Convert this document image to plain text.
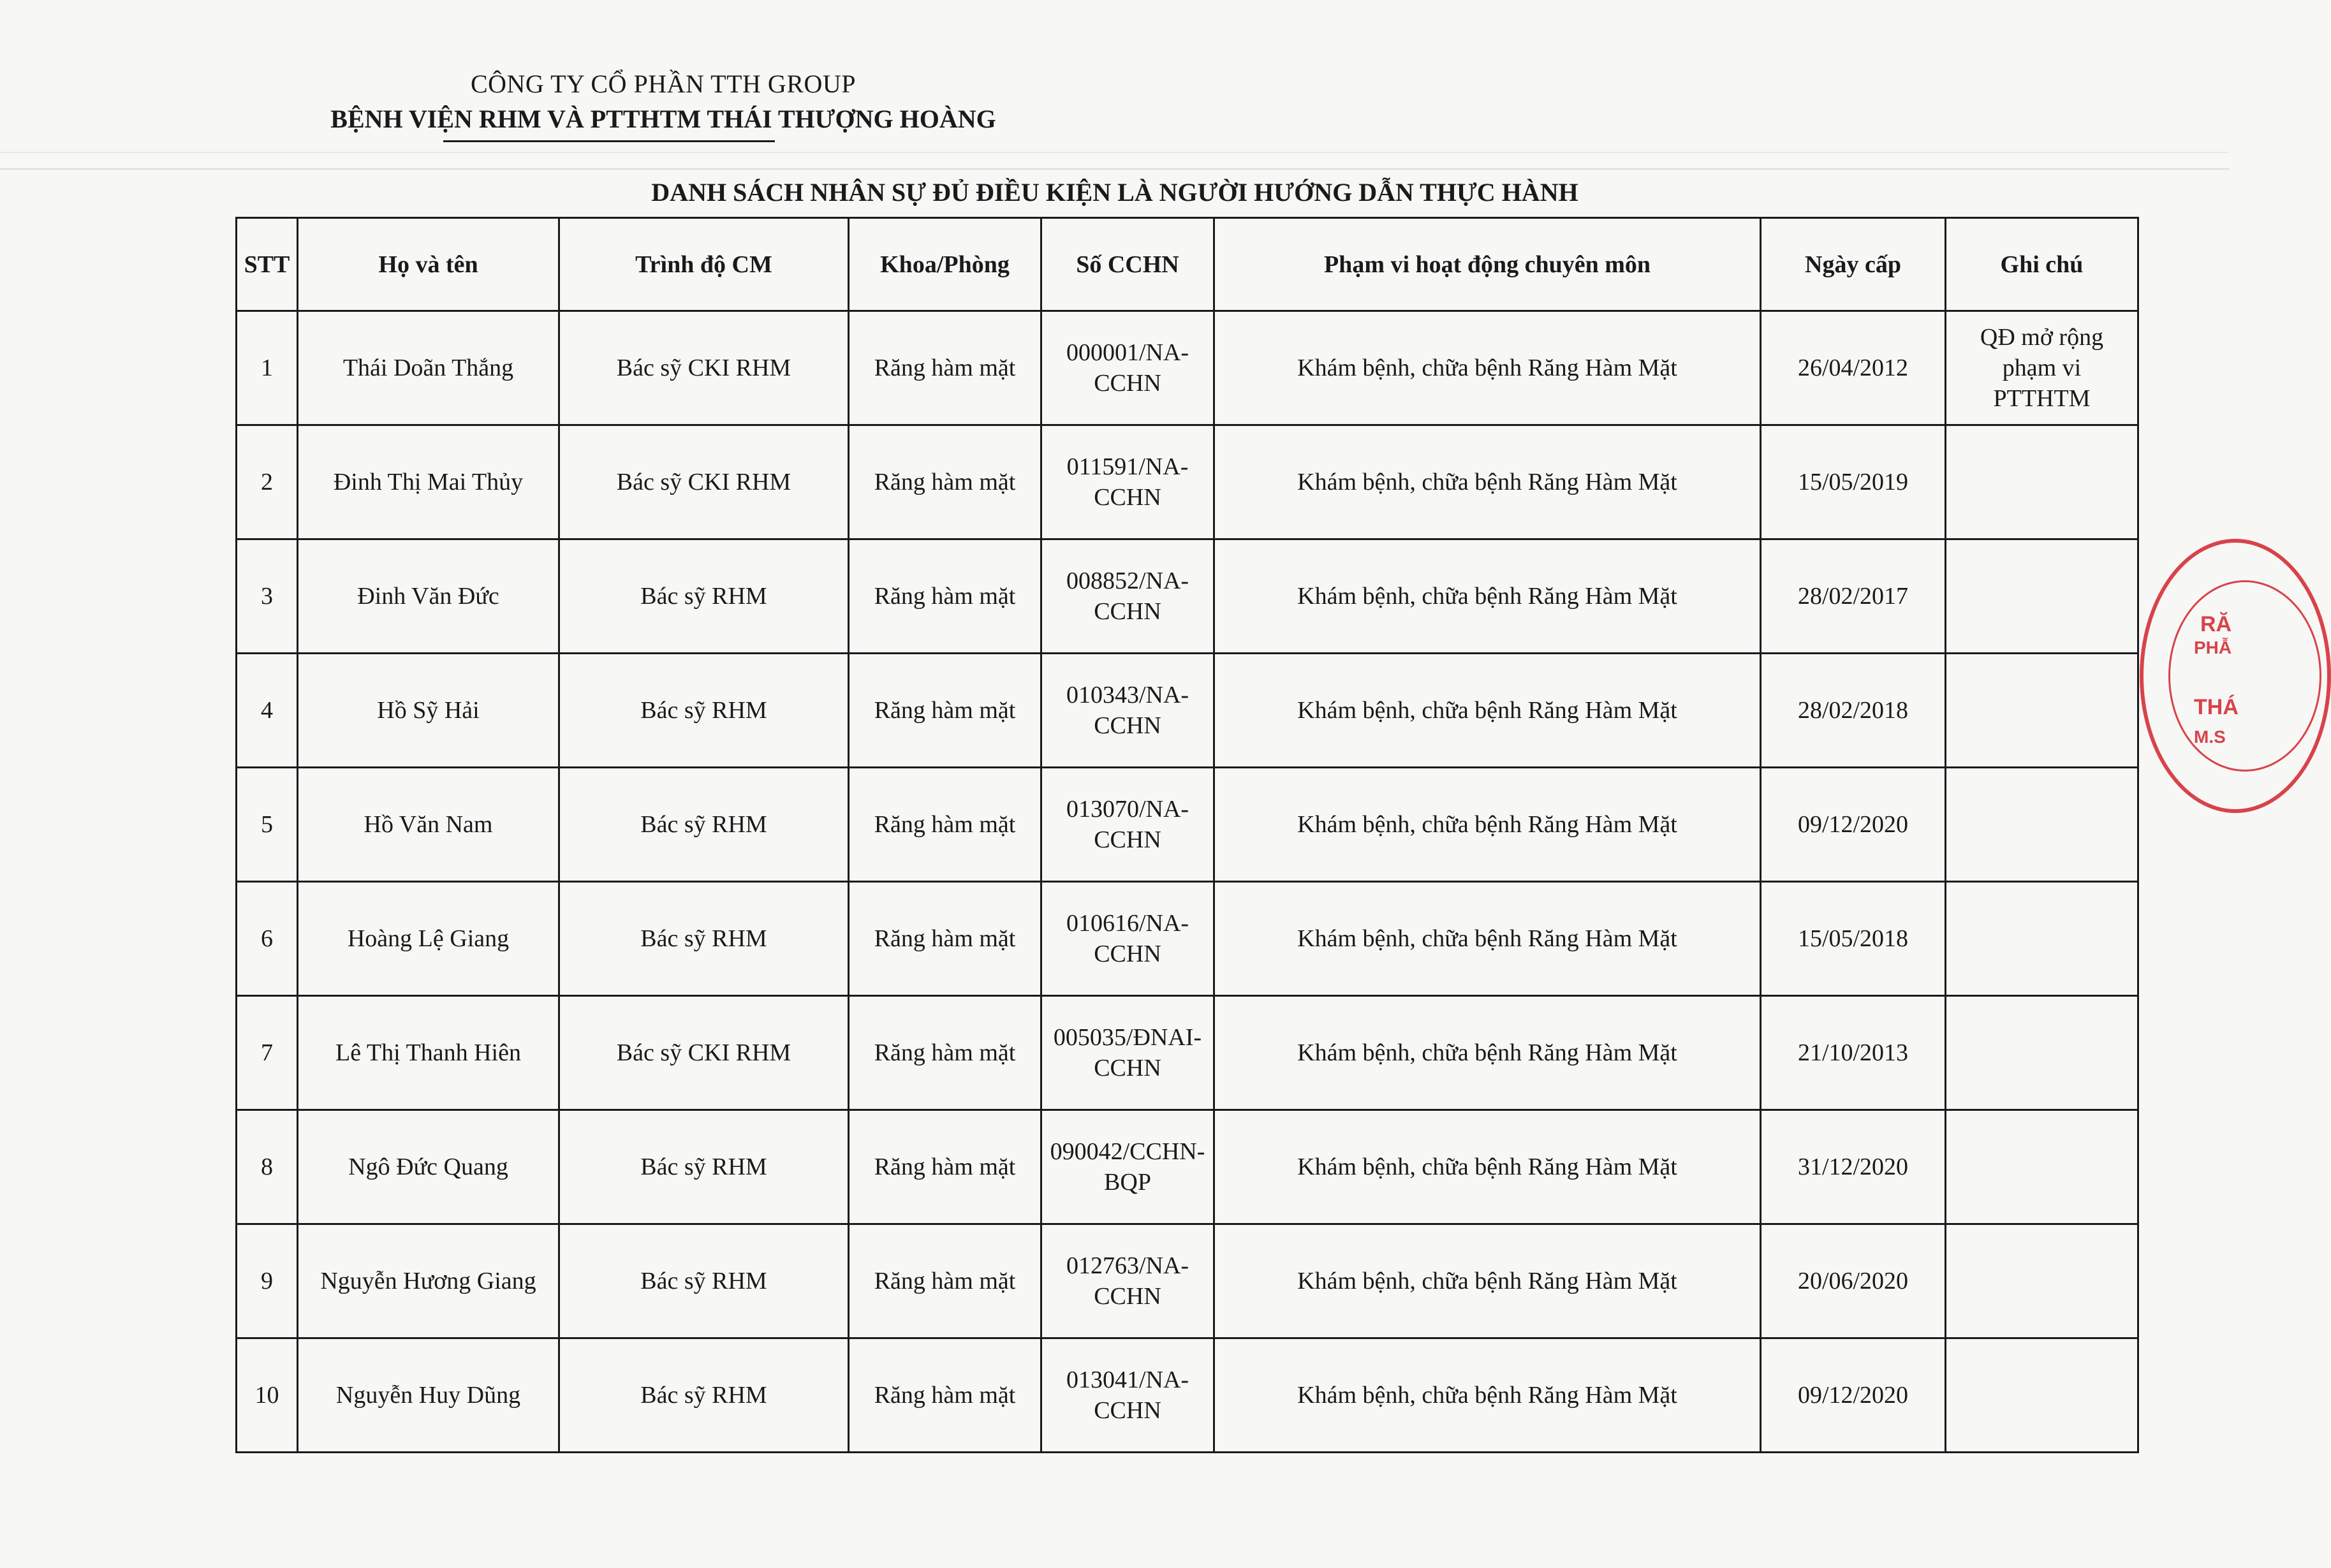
CÔNG TY CỔ PHẦN TTH GROUP
BỆNH VIỆN RHM VÀ PTTHTM THÁI THƯỢNG HOÀNG
DANH SÁCH NHÂN SỰ ĐỦ ĐIỀU KIỆN LÀ NGƯỜI HƯỚNG DẪN THỰC HÀNH
STT	Họ và tên	Trình độ CM	Khoa/Phòng	Số CCHN	Phạm vi hoạt động chuyên môn	Ngày cấp	Ghi chú
1	Thái Doãn Thắng	Bác sỹ CKI RHM	Răng hàm mặt	000001/NA-CCHN	Khám bệnh, chữa bệnh Răng Hàm Mặt	26/04/2012	QĐ mở rộng phạm vi PTTHTM
2	Đinh Thị Mai Thủy	Bác sỹ CKI RHM	Răng hàm mặt	011591/NA-CCHN	Khám bệnh, chữa bệnh Răng Hàm Mặt	15/05/2019	
3	Đinh Văn Đức	Bác sỹ RHM	Răng hàm mặt	008852/NA-CCHN	Khám bệnh, chữa bệnh Răng Hàm Mặt	28/02/2017	
4	Hồ Sỹ Hải	Bác sỹ RHM	Răng hàm mặt	010343/NA-CCHN	Khám bệnh, chữa bệnh Răng Hàm Mặt	28/02/2018	
5	Hồ Văn Nam	Bác sỹ RHM	Răng hàm mặt	013070/NA-CCHN	Khám bệnh, chữa bệnh Răng Hàm Mặt	09/12/2020	
6	Hoàng Lệ Giang	Bác sỹ RHM	Răng hàm mặt	010616/NA-CCHN	Khám bệnh, chữa bệnh Răng Hàm Mặt	15/05/2018	
7	Lê Thị Thanh Hiên	Bác sỹ CKI RHM	Răng hàm mặt	005035/ĐNAI-CCHN	Khám bệnh, chữa bệnh Răng Hàm Mặt	21/10/2013	
8	Ngô Đức Quang	Bác sỹ RHM	Răng hàm mặt	090042/CCHN-BQP	Khám bệnh, chữa bệnh Răng Hàm Mặt	31/12/2020	
9	Nguyễn Hương Giang	Bác sỹ RHM	Răng hàm mặt	012763/NA-CCHN	Khám bệnh, chữa bệnh Răng Hàm Mặt	20/06/2020	
10	Nguyễn Huy Dũng	Bác sỹ RHM	Răng hàm mặt	013041/NA-CCHN	Khám bệnh, chữa bệnh Răng Hàm Mặt	09/12/2020	
RĂ
PHẪ
THÁ
M.S
